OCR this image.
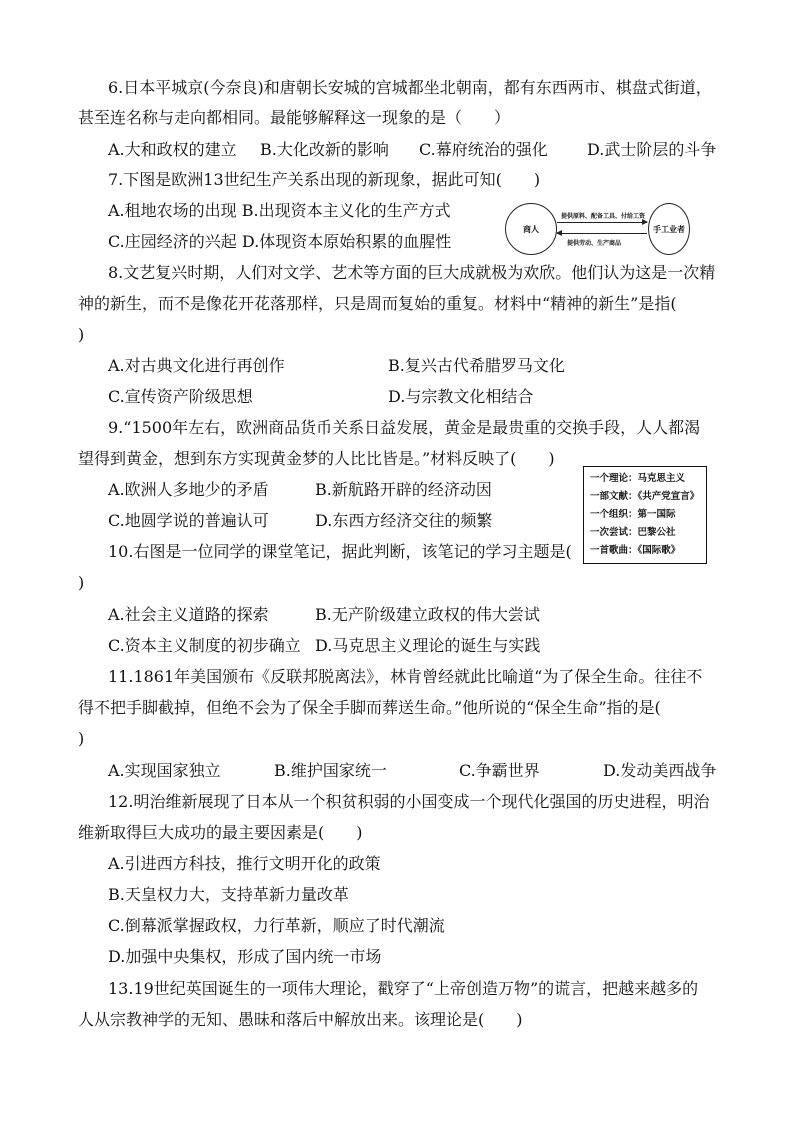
6.日本平城京(今奈良)和唐朝长安城的宫城都坐北朝南，都有东西两市、棋盘式街道，
甚至连名称与走向都相同。最能够解释这一现象的是（　　）
A.大和政权的建立 B.大化改新的影响 C.幕府统治的强化 D.武士阶层的斗争
7.下图是欧洲13世纪生产关系出现的新现象，据此可知(　　)
A.租地农场的出现 B.出现资本主义化的生产方式
C.庄园经济的兴起 D.体现资本原始积累的血腥性
商人
提供原料、配备工具、付给工资
提供劳动、生产商品
手工业者
8.文艺复兴时期，人们对文学、艺术等方面的巨大成就极为欢欣。他们认为这是一次精
神的新生，而不是像花开花落那样，只是周而复始的重复。材料中“精神的新生”是指(
)
A.对古典文化进行再创作	B.复兴古代希腊罗马文化
C.宣传资产阶级思想	D.与宗教文化相结合
9.“1500年左右，欧洲商品货币关系日益发展，黄金是最贵重的交换手段，人人都渴
望得到黄金，想到东方实现黄金梦的人比比皆是。”材料反映了(　　)
A.欧洲人多地少的矛盾	B.新航路开辟的经济动因
C.地圆学说的普遍认可	D.东西方经济交往的频繁
一个理论：马克思主义
一部文献：《共产党宣言》
一个组织：第一国际
一次尝试：巴黎公社
一首歌曲：《国际歌》
10.右图是一位同学的课堂笔记，据此判断，该笔记的学习主题是(
)
A.社会主义道路的探索	B.无产阶级建立政权的伟大尝试
C.资本主义制度的初步确立 D.马克思主义理论的诞生与实践
11.1861年美国颁布《反联邦脱离法》，林肯曾经就此比喻道“为了保全生命。往往不
得不把手脚截掉，但绝不会为了保全手脚而葬送生命。”他所说的“保全生命”指的是(
)
A.实现国家独立	B.维护国家统一	C.争霸世界	D.发动美西战争
12.明治维新展现了日本从一个积贫积弱的小国变成一个现代化强国的历史进程，明治
维新取得巨大成功的最主要因素是(　　)
A.引进西方科技，推行文明开化的政策
B.天皇权力大，支持革新力量改革
C.倒幕派掌握政权，力行革新，顺应了时代潮流
D.加强中央集权，形成了国内统一市场
13.19世纪英国诞生的一项伟大理论，戳穿了“上帝创造万物”的谎言，把越来越多的
人从宗教神学的无知、愚昧和落后中解放出来。该理论是(　　)
